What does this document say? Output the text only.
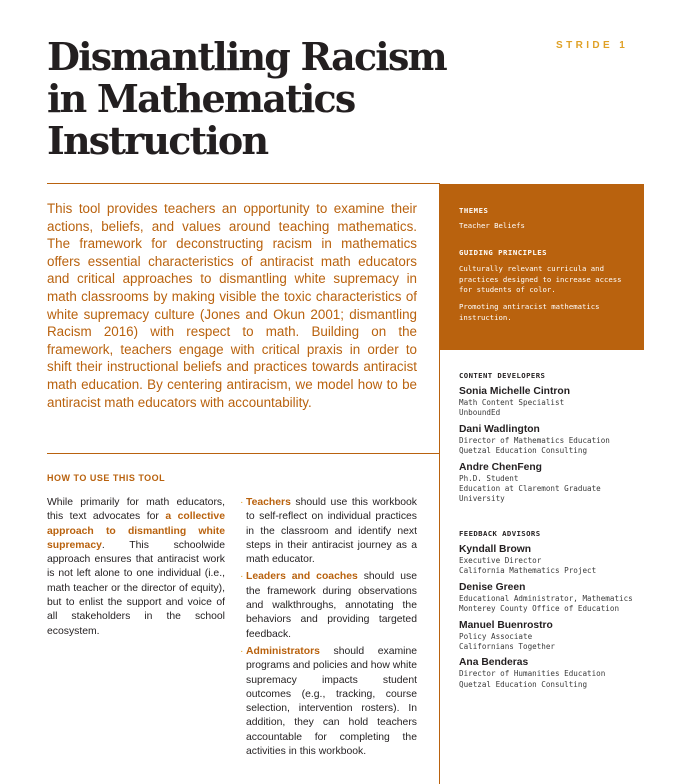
STRIDE 1
Dismantling Racism
in Mathematics
Instruction

This tool provides teachers an opportunity to examine their actions, beliefs, and values around teaching mathematics. The framework for deconstructing racism in mathematics offers essential characteristics of antiracist math educators and critical approaches to dismantling white supremacy in math classrooms by making visible the toxic characteristics of white supremacy culture (Jones and Okun 2001; dismantling Racism 2016) with respect to math. Building on the framework, teachers engage with critical praxis in order to shift their instructional beliefs and practices towards antiracist math education. By centering antiracism, we model how to be antiracist math educators with accountability.

HOW TO USE THIS TOOL

While primarily for math educators, this text advocates for a collective approach to dismantling white supremacy. This schoolwide approach ensures that antiracist work is not left alone to one individual (i.e., math teacher or the director of equity), but to enlist the support and voice of all stakeholders in the school ecosystem.

· Teachers should use this workbook to self-reflect on individual practices in the classroom and identify next steps in their antiracist journey as a math educator.

· Leaders and coaches should use the framework during observations and walkthroughs, annotating the behaviors and providing targeted feedback.

· Administrators should examine programs and policies and how white supremacy impacts student outcomes (e.g., tracking, course selection, intervention rosters). In addition, they can hold teachers accountable for completing the activities in this workbook.

THEMES
Teacher Beliefs
GUIDING PRINCIPLES
Culturally relevant curricula and practices designed to increase access for students of color.
Promoting antiracist mathematics instruction.
CONTENT DEVELOPERS
Sonia Michelle Cintron
Math Content Specialist
UnboundEd
Dani Wadlington
Director of Mathematics Education
Quetzal Education Consulting
Andre ChenFeng
Ph.D. Student
Education at Claremont Graduate
University
FEEDBACK ADVISORS
Kyndall Brown
Executive Director
California Mathematics Project
Denise Green
Educational Administrator, Mathematics
Monterey County Office of Education
Manuel Buenrostro
Policy Associate
Californians Together
Ana Benderas
Director of Humanities Education
Quetzal Education Consulting
